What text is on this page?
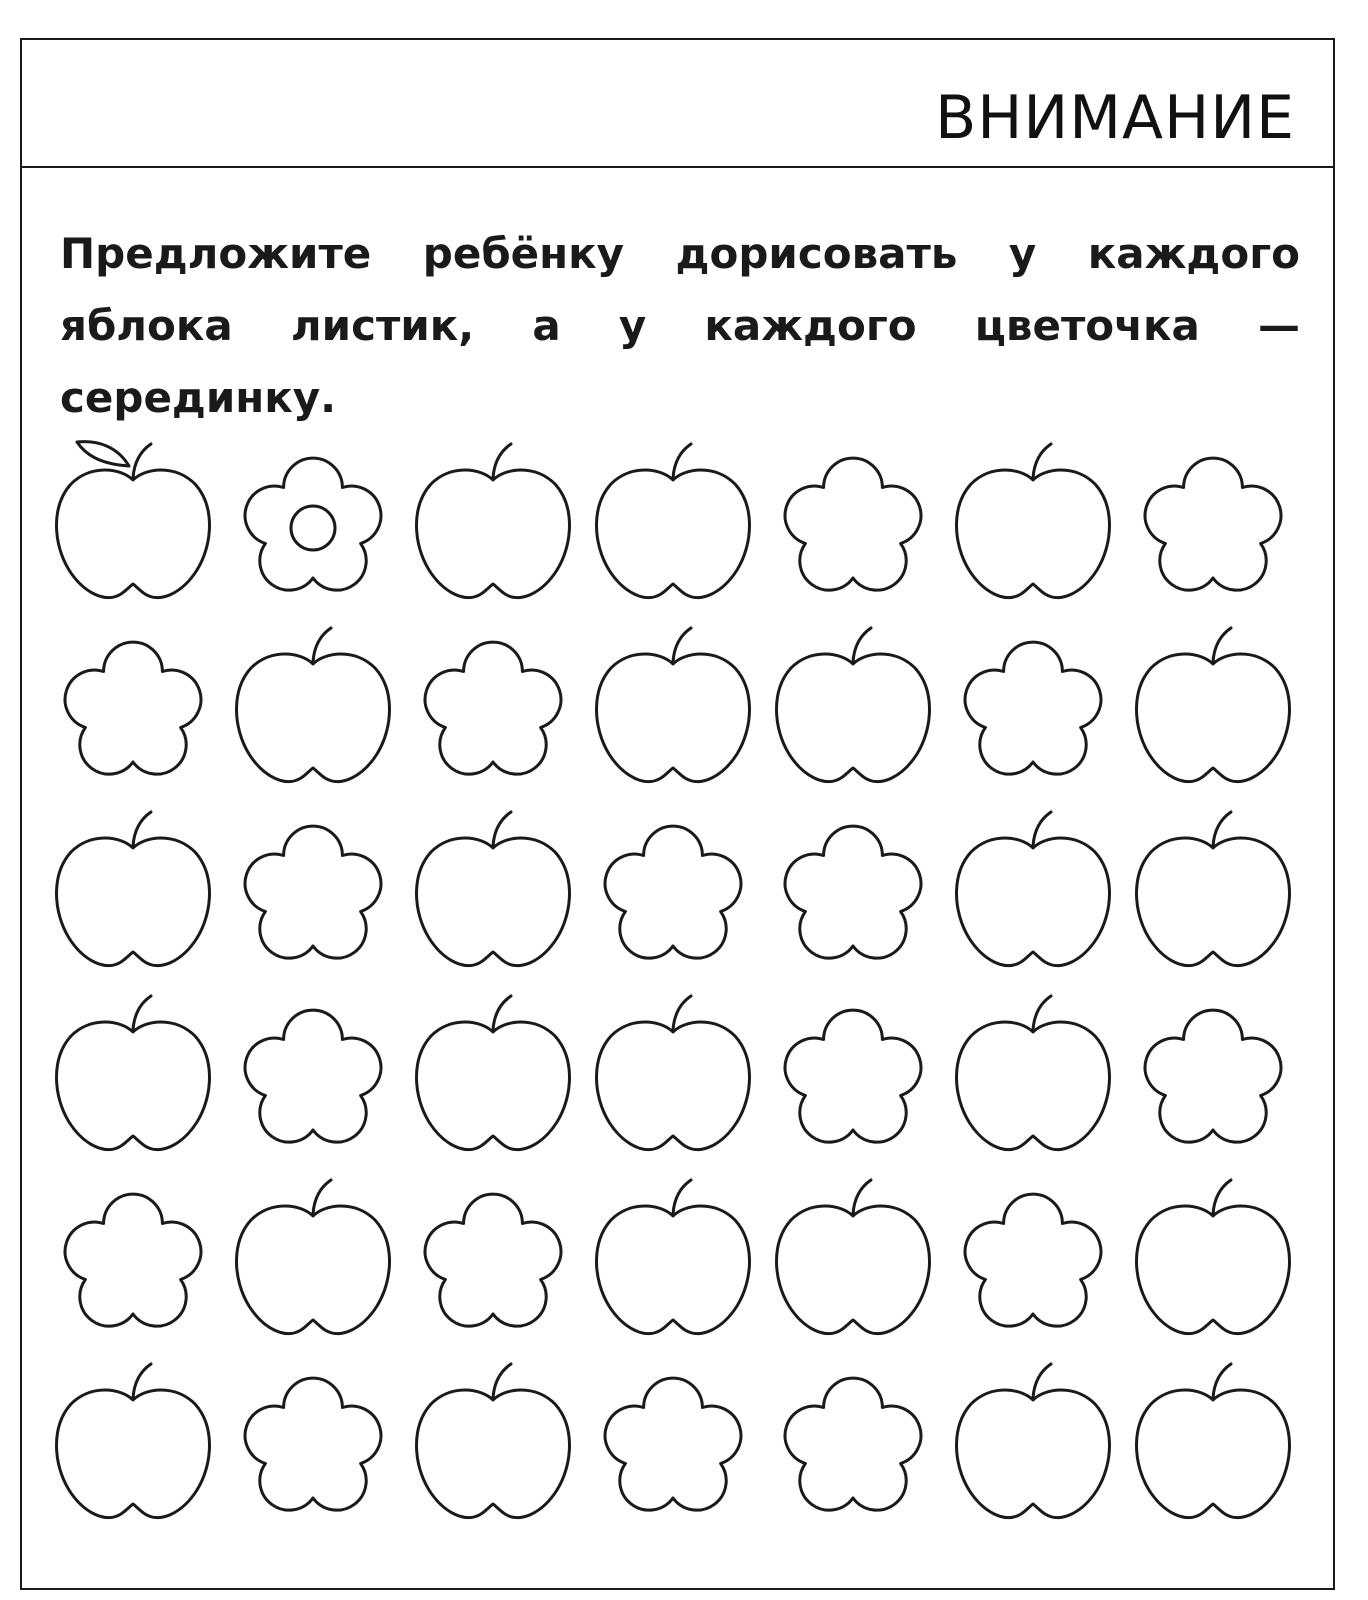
ВНИМАНИЕ
Предложите ребёнку дорисовать у каждого яблока листик, а у каждого цветочка — серединку.
